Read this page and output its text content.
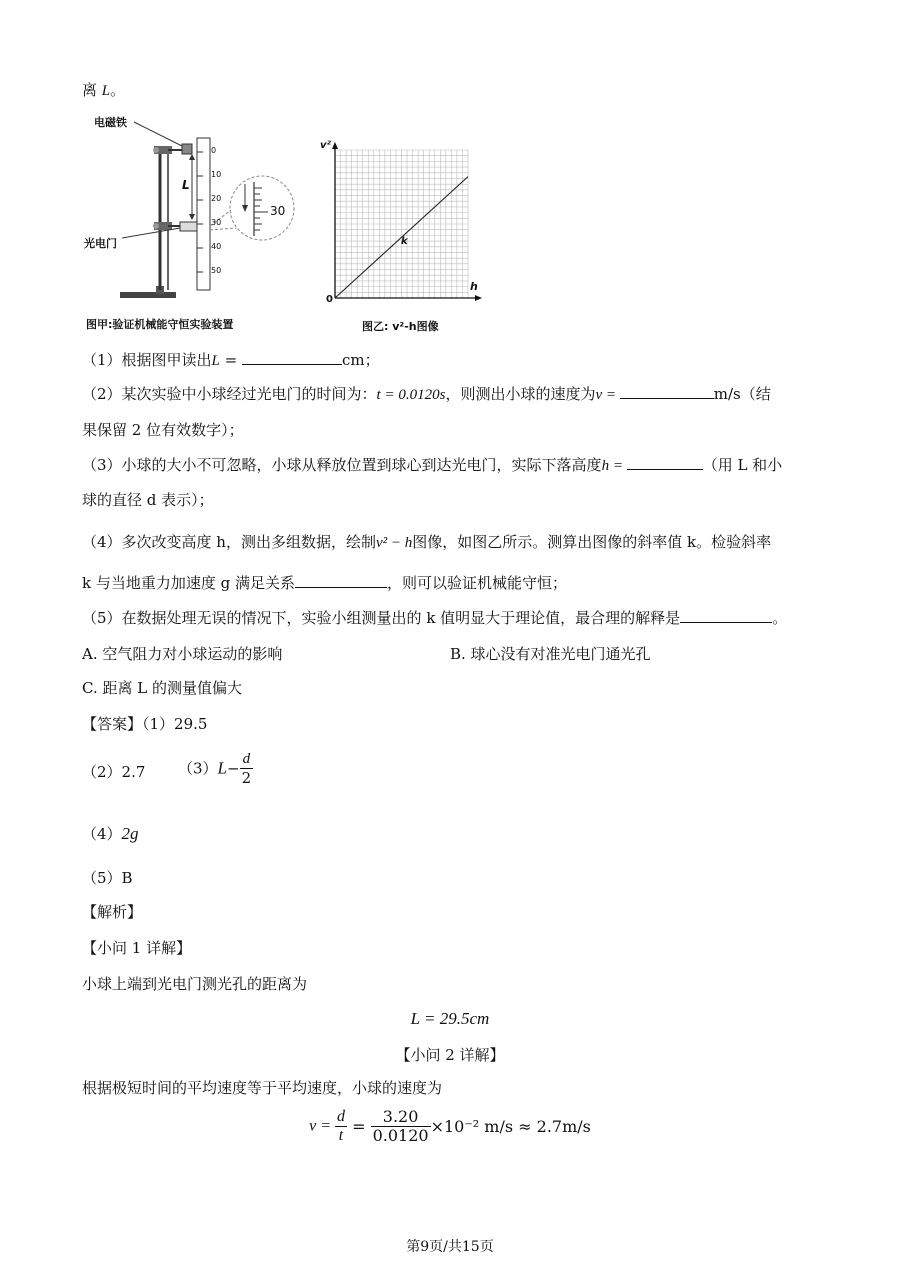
离 L。
电磁铁
光电门
L
0
10
20
30
40
50
30
图甲:验证机械能守恒实验装置
v²
h
0
k
图乙: v²-h图像
（1）根据图甲读出L =	cm；
（2）某次实验中小球经过光电门的时间为：t = 0.0120s，则测出小球的速度为v =	m/s（结
果保留 2 位有效数字）；
（3）小球的大小不可忽略，小球从释放位置到球心到达光电门，实际下落高度h =	（用 L 和小
球的直径 d 表示）；
（4）多次改变高度 h，测出多组数据，绘制v² − h图像，如图乙所示。测算出图像的斜率值 k。检验斜率
k 与当地重力加速度 g 满足关系	，则可以验证机械能守恒；
（5）在数据处理无误的情况下，实验小组测量出的 k 值明显大于理论值，最合理的解释是	。
A. 空气阻力对小球运动的影响	B. 球心没有对准光电门通光孔
C. 距离 L 的测量值偏大
【答案】（1）29.5
（2）2.7 $(3)L- \frac{d}{2}$
（4）2g
（5）B
【解析】
【小问 1 详解】
小球上端到光电门测光孔的距离为
L = 29.5cm
【小问 2 详解】
根据极短时间的平均速度等于平均速度，小球的速度为
$v = \frac{d}{t} = \frac{3.20}{0.0120} \times 10^{-2}$ m/s ≈ 2.7m/s
第9页/共15页
